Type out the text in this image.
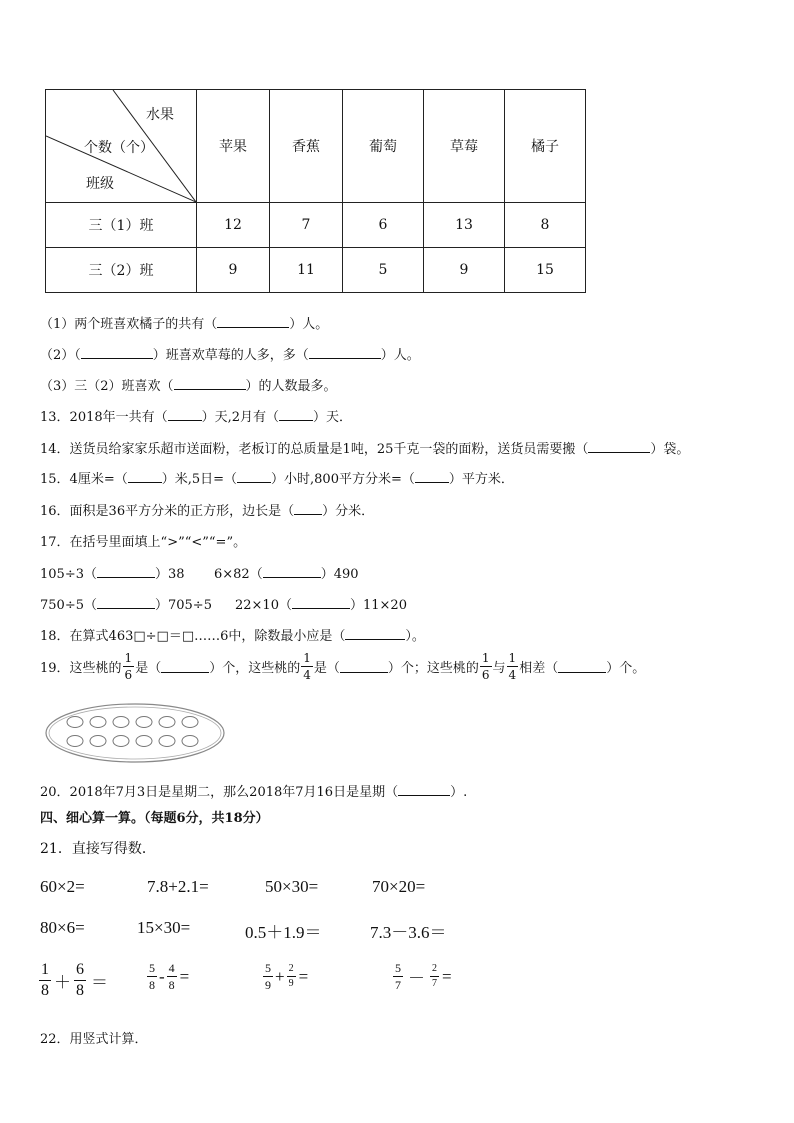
水果
个数（个）
班级	苹果	香蕉	葡萄	草莓	橘子
三（1）班	12	7	6	13	8
三（2）班	9	11	5	9	15
（1）两个班喜欢橘子的共有（	）人。
（2）（	）班喜欢草莓的人多，多（	）人。
（3）三（2）班喜欢（	）的人数最多。
13．2018年一共有（	）天,2月有（	）天．
14．送货员给家家乐超市送面粉，老板订的总质量是1吨，25千克一袋的面粉，送货员需要搬（	）袋。
15．4厘米=（	）米,5日=（	）小时,800平方分米=（	）平方米．
16．面积是36平方分米的正方形，边长是（ ）分米．
17．在括号里面填上“>”“<”“=”。
105÷3（	）38 6×82（	）490
750÷5（	）705÷5 22×10（	）11×20
18．在算式463□÷□＝□……6中，除数最小应是（	）。
19．这些桃的 $\frac{1}{6}$ 是（	）个，这些桃的 $\frac{1}{4}$ 是（	）个；这些桃的 $\frac{1}{6}$ 与 $\frac{1}{4}$ 相差（	）个。
20．2018年7月3日是星期二，那么2018年7月16日是星期（	）.
四、细心算一算。（每题6分，共18分）
21．直接写得数．
60×2=	7.8+2.1=	50×30=	70×20=
80×6=	15×30=	0.5＋1.9＝	7.3－3.6＝
$\frac{1}{8} + \frac{6}{8}$ ＝	$\frac{5}{8} - \frac{4}{8}$ =	$\frac{5}{9} + \frac{2}{9}$ =	$\frac{5}{7} - \frac{2}{7}$ =
22．用竖式计算．
